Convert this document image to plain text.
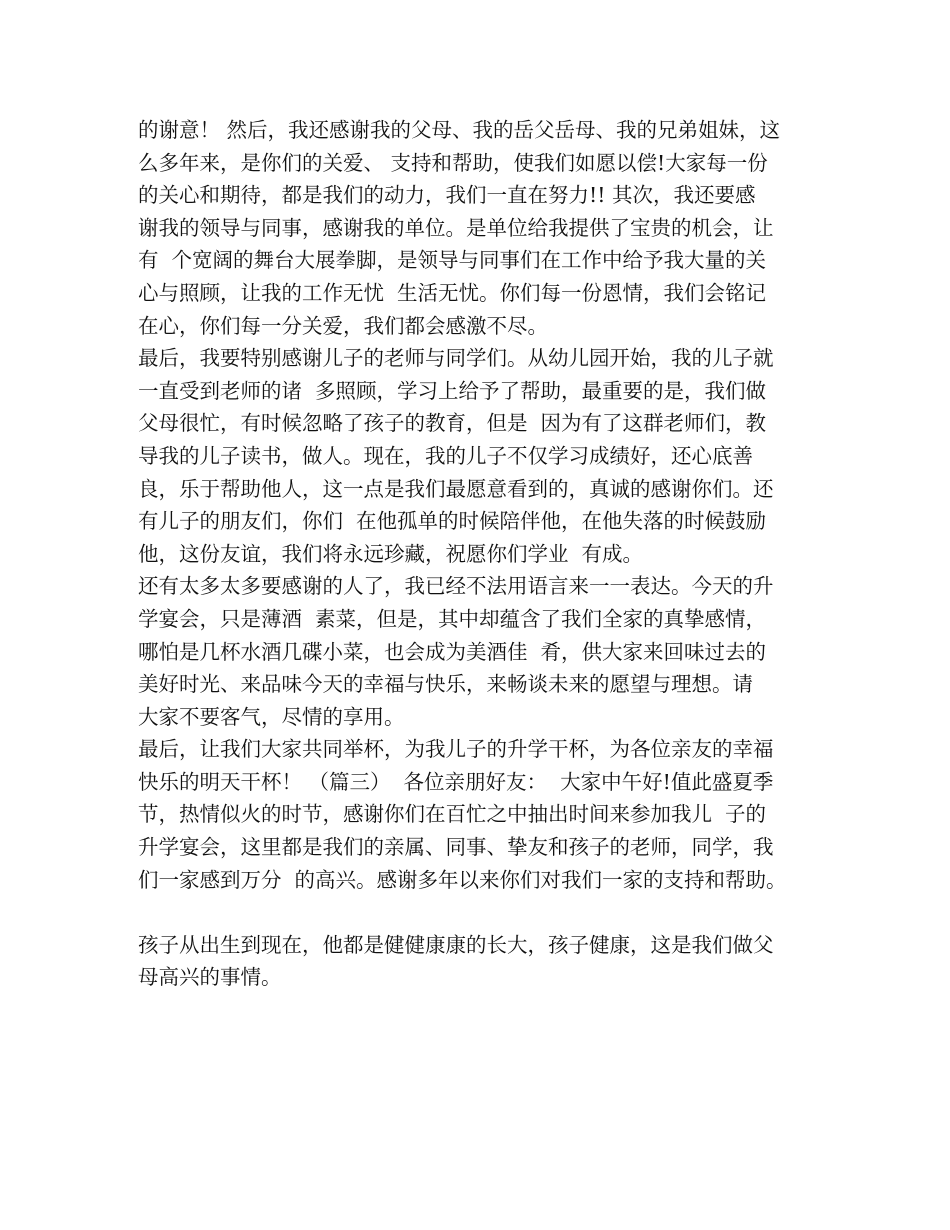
的谢意！ 然后，我还感谢我的父母、我的岳父岳母、我的兄弟姐妹，这

么多年来，是你们的关爱、 支持和帮助，使我们如愿以偿!大家每一份

的关心和期待，都是我们的动力，我们一直在努力!! 其次，我还要感

谢我的领导与同事，感谢我的单位。是单位给我提供了宝贵的机会，让

有  个宽阔的舞台大展拳脚，是领导与同事们在工作中给予我大量的关

心与照顾，让我的工作无忧  生活无忧。你们每一份恩情，我们会铭记

在心，你们每一分关爱，我们都会感激不尽。

最后，我要特别感谢儿子的老师与同学们。从幼儿园开始，我的儿子就

一直受到老师的诸  多照顾，学习上给予了帮助，最重要的是，我们做

父母很忙，有时候忽略了孩子的教育，但是  因为有了这群老师们，教

导我的儿子读书，做人。现在，我的儿子不仅学习成绩好，还心底善

良，乐于帮助他人，这一点是我们最愿意看到的，真诚的感谢你们。还

有儿子的朋友们，你们  在他孤单的时候陪伴他，在他失落的时候鼓励

他，这份友谊，我们将永远珍藏，祝愿你们学业  有成。

还有太多太多要感谢的人了，我已经不法用语言来一一表达。今天的升

学宴会，只是薄酒  素菜，但是，其中却蕴含了我们全家的真挚感情，

哪怕是几杯水酒几碟小菜，也会成为美酒佳  肴，供大家来回味过去的

美好时光、来品味今天的幸福与快乐，来畅谈未来的愿望与理想。请

大家不要客气，尽情的享用。

最后，让我们大家共同举杯，为我儿子的升学干杯，为各位亲友的幸福

快乐的明天干杯！ （篇三）  各位亲朋好友：  大家中午好!值此盛夏季

节，热情似火的时节，感谢你们在百忙之中抽出时间来参加我儿  子的

升学宴会，这里都是我们的亲属、同事、挚友和孩子的老师，同学，我

们一家感到万分  的高兴。感谢多年以来你们对我们一家的支持和帮助。

孩子从出生到现在，他都是健健康康的长大，孩子健康，这是我们做父

母高兴的事情。
